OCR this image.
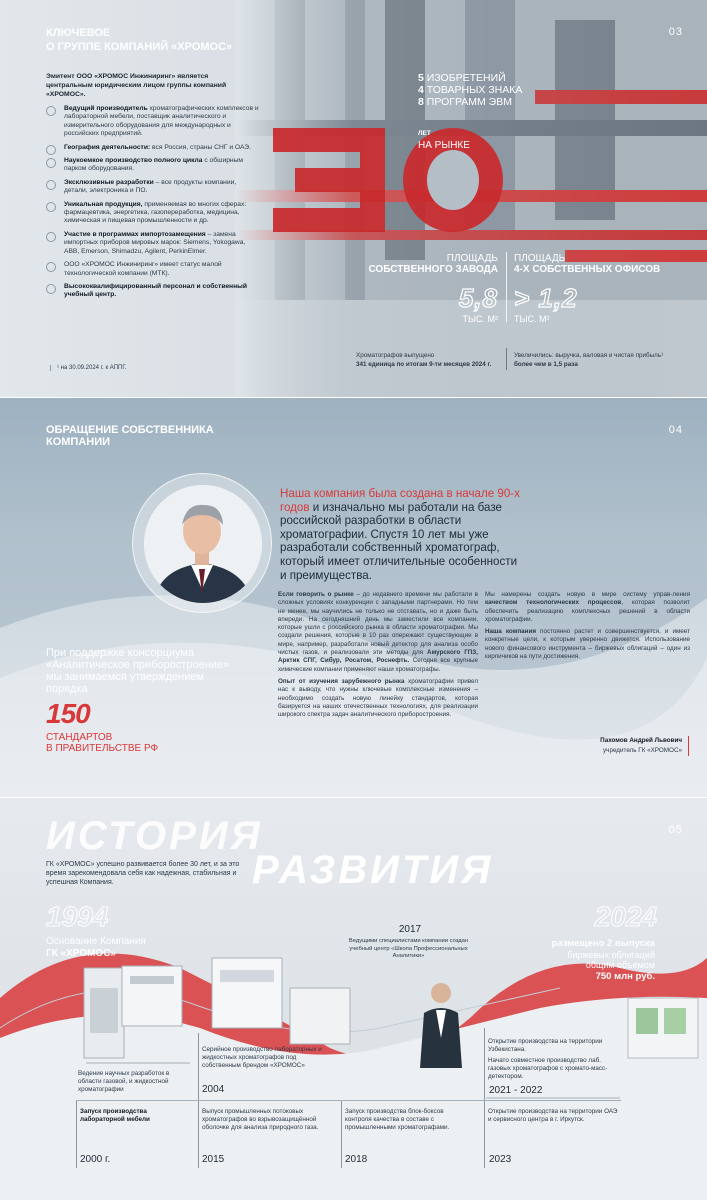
КЛЮЧЕВОЕ
О ГРУППЕ КОМПАНИЙ «ХРОМОС»
03
Эмитент ООО «ХРОМОС Инжиниринг» является центральным юридическим лицом группы компаний «ХРОМОС».
Ведущий производитель хроматографических комплексов и лабораторной мебели, поставщик аналитического и измерительного оборудования для международных и российских предприятий.
География деятельности: вся Россия, страны СНГ и ОАЭ.
Наукоемкое производство полного цикла с обширным парком оборудования.
Эксклюзивные разработки – все продукты компании, детали, электроника и ПО.
Уникальная продукция, применяемая во многих сферах: фармацевтика, энергетика, газопереработка, медицина, химическая и пищевая промышленности и др.
Участие в программах импортозамещения – замена импортных приборов мировых марок: Siemens, Yokogawa, ABB, Emerson, Shimadzu, Agilent, PerkinElmer.
ООО «ХРОМОС Инжиниринг» имеет статус малой технологической компании (МТК).
Высококвалифицированный персонал и собственный учебный центр.
¹ на 30.09.2024 г. к АППГ.
5 ИЗОБРЕТЕНИЙ
4 ТОВАРНЫХ ЗНАКА
8 ПРОГРАММ ЭВМ
ЛЕТ
НА РЫНКЕ
ПЛОЩАДЬ
СОБСТВЕННОГО ЗАВОДА
5,8
ТЫС. М²
ПЛОЩАДЬ
4-Х СОБСТВЕННЫХ ОФИСОВ
> 1,2
ТЫС. М²
Хроматографов выпущено
341 единица по итогам 9-ти месяцев 2024 г.
Увеличились: выручка, валовая и чистая прибыль¹
более чем в 1,5 раза
ОБРАЩЕНИЕ СОБСТВЕННИКА
КОМПАНИИ
04
Наша компания была создана в начале 90-х годов и изначально мы работали на базе российской разработки в области хроматографии. Спустя 10 лет мы уже разработали собственный хроматограф, который имеет отличительные особенности и преимущества.

Если говорить о рынке – до недавнего времени мы работали в сложных условиях конкуренции с западными партнерами. Но тем не менее, мы научились не только не отставать, но и даже быть впереди. На сегодняшний день мы заместили все компании, которые ушли с российского рынка в области хроматографии. Мы создали решения, которые в 10 раз опережают существующие в мире, например, разработали новый детектор для анализа особо чистых газов, и реализовали эти методы для Амурского ГПЗ, Арктик СПГ, Сибур, Росатом, Роснефть. Сегодня все крупные химические компании применяют наши хроматографы.

Опыт от изучения зарубежного рынка хроматографии привел нас к выводу, что нужны ключевые комплексные изменения – необходимо создать новую линейку стандартов, которая базируется на наших отечественных технологиях, для реализации широкого спектра задач аналитического приборостроения.

Мы намерены создать новую в мире систему управ-ления качеством технологических процессов, которая позволит обеспечить реализацию комплексных решений в области хроматографии.

Наша компания постоянно растет и совершенствуется, и имеет конкретные цели, к которым уверенно движется. Использование нового финансового инструмента – биржевых облигаций – один из кирпичиков на пути достижения.

При поддержке консорциума «Аналитическое приборостроение» мы занимаемся утверждением порядка
150
СТАНДАРТОВ
В ПРАВИТЕЛЬСТВЕ РФ
Пахомов Андрей Львович
учредитель ГК «ХРОМОС»
ИСТОРИЯ
РАЗВИТИЯ
05
ГК «ХРОМОС» успешно развивается более 30 лет, и за это время зарекомендовала себя как надежная, стабильная и успешная Компания.
1994	2024
Основание Компания
ГК «ХРОМОС»
размещено 2 выпуска
биржевых облигаций
общим объемом
750 млн руб.
2017
Ведущими специалистами компании создан учебный центр «Школа Профессиональных Аналитики»
Ведение научных разработок в области газовой, и жидкостной хроматографии
Серийное производство лабораторных и жидкостных хроматографов под собственным брендом «ХРОМОС»
2004
Открытие производства на территории Узбекистана.
Начато совместное производство лаб. газовых хроматографов с хромато-масс-детектором.
2021 - 2022
Запуск производства лабораторной мебели
2000 г.
Выпуск промышленных потоковых хроматографов во взрывозащищённой оболочке для анализа природного газа.
2015
Запуск производства блок-боксов контроля качества в составе с промышленными хроматографами.
2018
Открытие производства на территории ОАЭ и сервисного центра в г. Иркутск.
2023
